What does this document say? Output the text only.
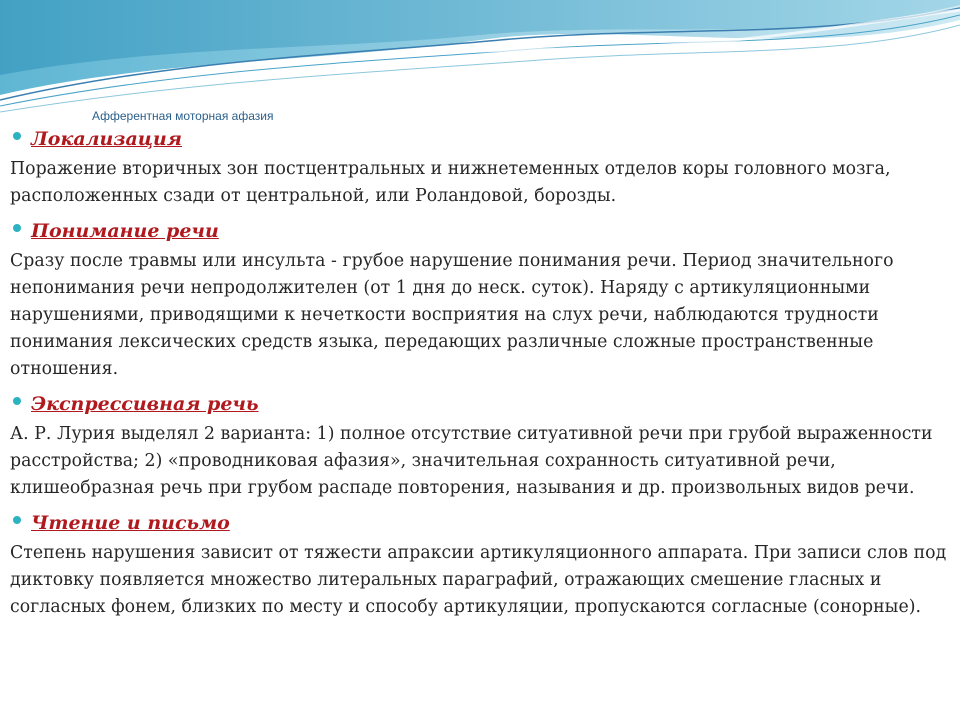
Афферентная моторная афазия
Локализация
Поражение вторичных зон постцентральных и нижнетеменных отделов коры головного мозга, расположенных сзади от центральной, или Роландовой, борозды.
Понимание речи
Сразу после травмы или инсульта - грубое нарушение понимания речи. Период значительного непонимания речи непродолжителен (от 1 дня до неск. суток). Наряду с артикуляционными нарушениями, приводящими к нечеткости восприятия на слух речи, наблюдаются трудности понимания лексических средств языка, передающих различные сложные пространственные отношения.
Экспрессивная речь
А. Р. Лурия выделял 2 варианта: 1) полное отсутствие ситуативной речи при грубой выраженности расстройства; 2) «проводниковая афазия», значительная сохранность ситуативной речи, клишеобразная речь при грубом распаде повторения, называния и др. произвольных видов речи.
Чтение и письмо
Степень нарушения зависит от тяжести апраксии артикуляционного аппарата. При записи слов под диктовку появляется множество литеральных параграфий, отражающих смешение гласных и согласных фонем, близких по месту и способу артикуляции, пропускаются согласные (сонорные).
